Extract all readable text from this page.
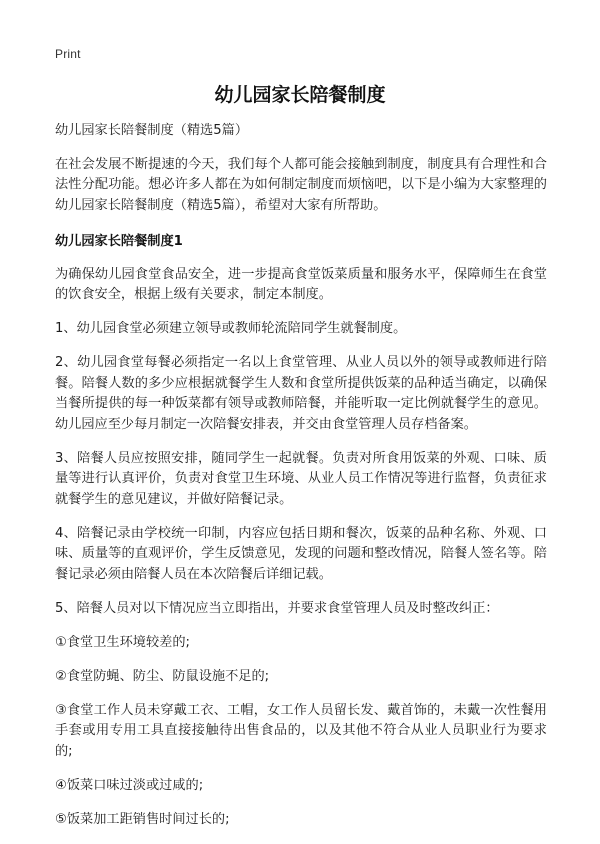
Print
幼儿园家长陪餐制度

幼儿园家长陪餐制度（精选5篇）

在社会发展不断提速的今天，我们每个人都可能会接触到制度，制度具有合理性和合法性分配功能。想必许多人都在为如何制定制度而烦恼吧，以下是小编为大家整理的幼儿园家长陪餐制度（精选5篇），希望对大家有所帮助。

幼儿园家长陪餐制度1

为确保幼儿园食堂食品安全，进一步提高食堂饭菜质量和服务水平，保障师生在食堂的饮食安全，根据上级有关要求，制定本制度。

1、幼儿园食堂必须建立领导或教师轮流陪同学生就餐制度。

2、幼儿园食堂每餐必须指定一名以上食堂管理、从业人员以外的领导或教师进行陪餐。陪餐人数的多少应根据就餐学生人数和食堂所提供饭菜的品种适当确定，以确保当餐所提供的每一种饭菜都有领导或教师陪餐，并能听取一定比例就餐学生的意见。幼儿园应至少每月制定一次陪餐安排表，并交由食堂管理人员存档备案。

3、陪餐人员应按照安排，随同学生一起就餐。负责对所食用饭菜的外观、口味、质量等进行认真评价，负责对食堂卫生环境、从业人员工作情况等进行监督，负责征求就餐学生的意见建议，并做好陪餐记录。

4、陪餐记录由学校统一印制，内容应包括日期和餐次，饭菜的品种名称、外观、口味、质量等的直观评价，学生反馈意见，发现的问题和整改情况，陪餐人签名等。陪餐记录必须由陪餐人员在本次陪餐后详细记载。

5、陪餐人员对以下情况应当立即指出，并要求食堂管理人员及时整改纠正：

①食堂卫生环境较差的;

②食堂防蝇、防尘、防鼠设施不足的;

③食堂工作人员未穿戴工衣、工帽，女工作人员留长发、戴首饰的，未戴一次性餐用手套或用专用工具直接接触待出售食品的，以及其他不符合从业人员职业行为要求的;

④饭菜口味过淡或过咸的;

⑤饭菜加工距销售时间过长的;
